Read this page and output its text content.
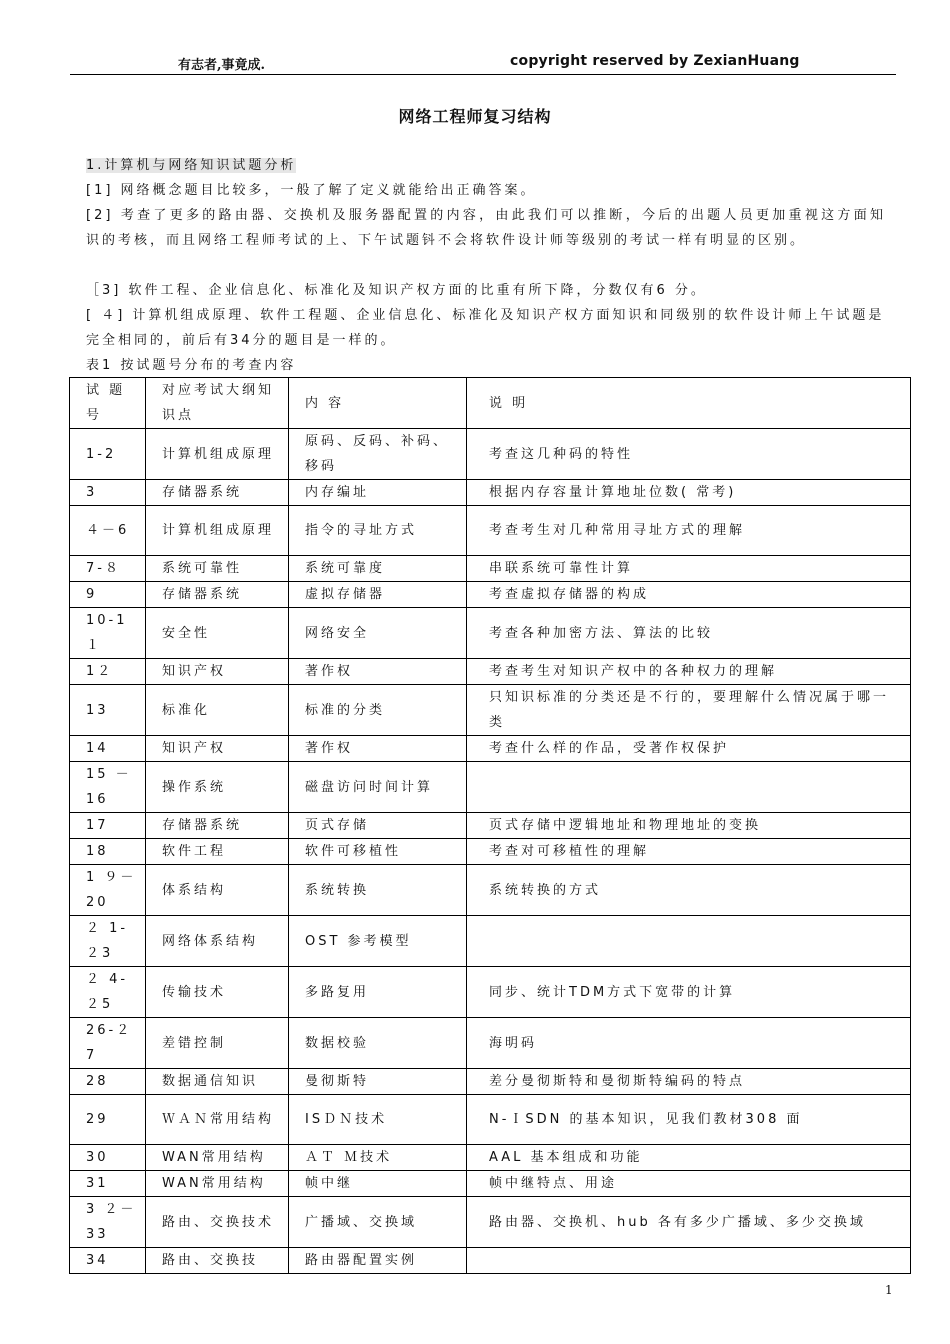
有志者,事竟成.	copyright reserved by ZexianHuang
网络工程师复习结构
1.计算机与网络知识试题分析
[1] 网络概念题目比较多，一般了解了定义就能给出正确答案。
[2] 考查了更多的路由器、交换机及服务器配置的内容，由此我们可以推断，今后的出题人员更加重视这方面知识的考核，而且网络工程师考试的上、下午试题钭不会将软件设计师等级别的考试一样有明显的区别。
［3] 软件工程、企业信息化、标准化及知识产权方面的比重有所下降，分数仅有6 分。
[ ４] 计算机组成原理、软件工程题、企业信息化、标准化及知识产权方面知识和同级别的软件设计师上午试题是完全相同的，前后有34分的题目是一样的。
表1 按试题号分布的考查内容
试 题号	对应考试大纲知识点	内 容	说 明
1-2	计算机组成原理	原码、反码、补码、移码	考查这几种码的特性
3	存储器系统	内存编址	根据内存容量计算地址位数( 常考)
４－6	计算机组成原理	指令的寻址方式	考查考生对几种常用寻址方式的理解
7-８	系统可靠性	系统可靠度	串联系统可靠性计算
9	存储器系统	虚拟存储器	考查虚拟存储器的构成
10-1１	安全性	网络安全	考查各种加密方法、算法的比较
1２	知识产权	著作权	考查考生对知识产权中的各种权力的理解
13	标准化	标准的分类	只知识标准的分类还是不行的，要理解什么情况属于哪一类
14	知识产权	著作权	考查什么样的作品，受著作权保护
15 －16	操作系统	磁盘访问时间计算	
17	存储器系统	页式存储	页式存储中逻辑地址和物理地址的变换
18	软件工程	软件可移植性	考查对可移植性的理解
1 ９－20	体系结构	系统转换	系统转换的方式
２ 1-２3	网络体系结构	OST 参考模型	
２ 4-２5	传输技术	多路复用	同步、统计TDM方式下宽带的计算
26-２7	差错控制	数据校验	海明码
28	数据通信知识	曼彻斯特	差分曼彻斯特和曼彻斯特编码的特点
29	ＷＡＮ常用结构	ISＤＮ技术	N-ＩSDN 的基本知识，见我们教材308 面
30	WAN常用结构	ＡＴ Ｍ技术	AAL 基本组成和功能
31	WAN常用结构	帧中继	帧中继特点、用途
3 ２－33	路由、交换技术	广播域、交换域	路由器、交换机、hub 各有多少广播域、多少交换域
34	路由、交换技	路由器配置实例	
1
